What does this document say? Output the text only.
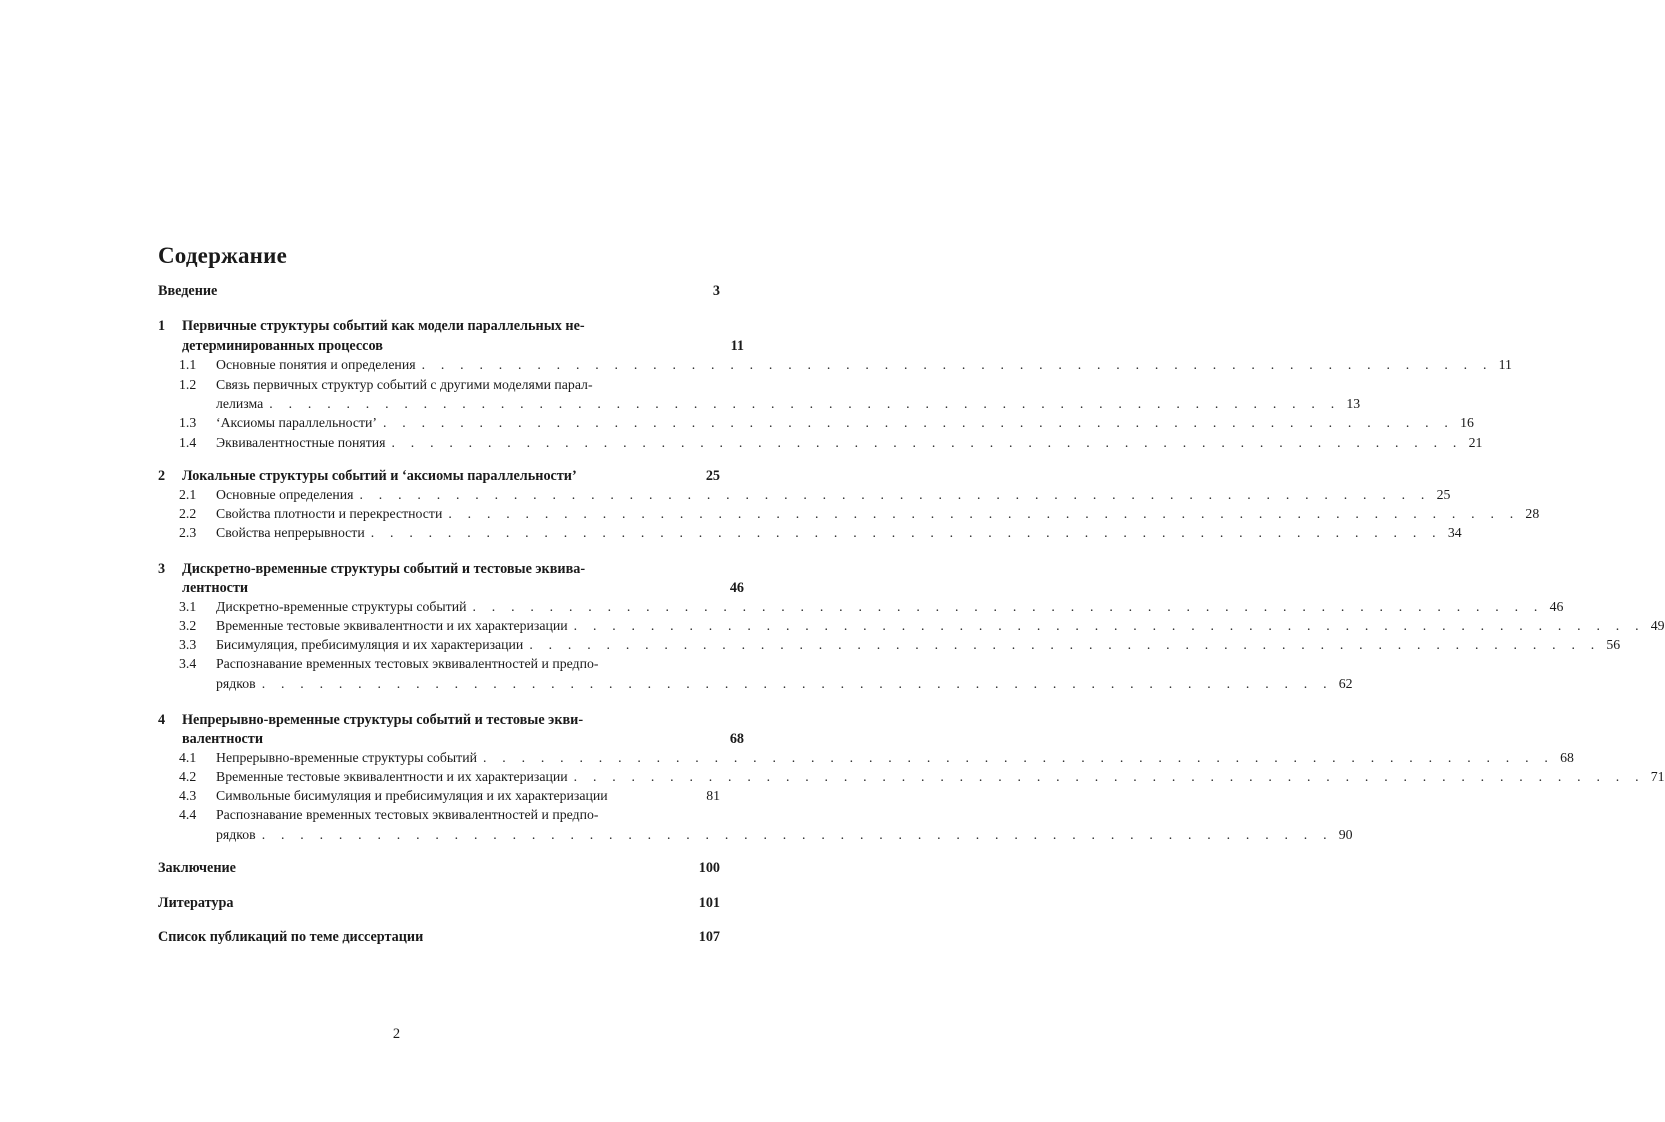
Содержание
Введение	3
1	Первичные структуры событий как модели параллельных не-
детерминированных процессов	11
1.1	Основные понятия и определения . . . . . . . . . . . . . . . . . . . . . . . . . . . . . . . . . . . . . . . . . . . . . . . . . . . . . . . . 11
1.2	Связь первичных структур событий с другими моделями парал-
лелизма . . . . . . . . . . . . . . . . . . . . . . . . . . . . . . . . . . . . . . . . . . . . . . . . . . . . . . . . 13
1.3	‘Аксиомы параллельности’ . . . . . . . . . . . . . . . . . . . . . . . . . . . . . . . . . . . . . . . . . . . . . . . . . . . . . . . . 16
1.4	Эквивалентностные понятия . . . . . . . . . . . . . . . . . . . . . . . . . . . . . . . . . . . . . . . . . . . . . . . . . . . . . . . . 21
2	Локальные структуры событий и ‘аксиомы параллельности’	25
2.1	Основные определения . . . . . . . . . . . . . . . . . . . . . . . . . . . . . . . . . . . . . . . . . . . . . . . . . . . . . . . . 25
2.2	Свойства плотности и перекрестности . . . . . . . . . . . . . . . . . . . . . . . . . . . . . . . . . . . . . . . . . . . . . . . . . . . . . . . . 28
2.3	Свойства непрерывности . . . . . . . . . . . . . . . . . . . . . . . . . . . . . . . . . . . . . . . . . . . . . . . . . . . . . . . . 34
3	Дискретно-временные структуры событий и тестовые эквива-
лентности	46
3.1	Дискретно-временные структуры событий . . . . . . . . . . . . . . . . . . . . . . . . . . . . . . . . . . . . . . . . . . . . . . . . . . . . . . . . 46
3.2	Временные тестовые эквивалентности и их характеризации . . . . . . . . . . . . . . . . . . . . . . . . . . . . . . . . . . . . . . . . . . . . . . . . . . . . . . . . 49
3.3	Бисимуляция, пребисимуляция и их характеризации . . . . . . . . . . . . . . . . . . . . . . . . . . . . . . . . . . . . . . . . . . . . . . . . . . . . . . . . 56
3.4	Распознавание временных тестовых эквивалентностей и предпо-
рядков . . . . . . . . . . . . . . . . . . . . . . . . . . . . . . . . . . . . . . . . . . . . . . . . . . . . . . . . 62
4	Непрерывно-временные структуры событий и тестовые экви-
валентности	68
4.1	Непрерывно-временные структуры событий . . . . . . . . . . . . . . . . . . . . . . . . . . . . . . . . . . . . . . . . . . . . . . . . . . . . . . . . 68
4.2	Временные тестовые эквивалентности и их характеризации . . . . . . . . . . . . . . . . . . . . . . . . . . . . . . . . . . . . . . . . . . . . . . . . . . . . . . . . 71
4.3	Символьные бисимуляция и пребисимуляция и их характеризации	81
4.4	Распознавание временных тестовых эквивалентностей и предпо-
рядков . . . . . . . . . . . . . . . . . . . . . . . . . . . . . . . . . . . . . . . . . . . . . . . . . . . . . . . . 90
Заключение	100
Литература	101
Список публикаций по теме диссертации	107
2
